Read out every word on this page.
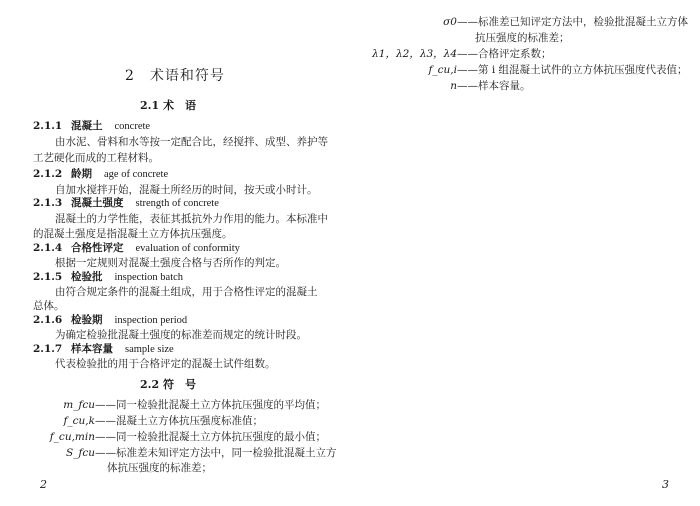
2　术语和符号
2.1 术　语
2.1.1 混凝土 concrete
由水泥、骨料和水等按一定配合比，经搅拌、成型、养护等
工艺硬化而成的工程材料。
2.1.2 龄期 age of concrete
自加水搅拌开始，混凝土所经历的时间，按天或小时计。
2.1.3 混凝土强度 strength of concrete
混凝土的力学性能，表征其抵抗外力作用的能力。本标准中
的混凝土强度是指混凝土立方体抗压强度。
2.1.4 合格性评定 evaluation of conformity
根据一定规则对混凝土强度合格与否所作的判定。
2.1.5 检验批 inspection batch
由符合规定条件的混凝土组成，用于合格性评定的混凝土
总体。
2.1.6 检验期 inspection period
为确定检验批混凝土强度的标准差而规定的统计时段。
2.1.7 样本容量 sample size
代表检验批的用于合格评定的混凝土试件组数。
2.2 符　号
m_fcu——同一检验批混凝土立方体抗压强度的平均值；
f_cu,k——混凝土立方体抗压强度标准值；
f_cu,min——同一检验批混凝土立方体抗压强度的最小值；
S_fcu——标准差未知评定方法中，同一检验批混凝土立方
体抗压强度的标准差；
2
σ0——标准差已知评定方法中，检验批混凝土立方体
抗压强度的标准差；
λ1，λ2，λ3，λ4——合格评定系数；
f_cu,i——第 i 组混凝土试件的立方体抗压强度代表值；
n——样本容量。
3
